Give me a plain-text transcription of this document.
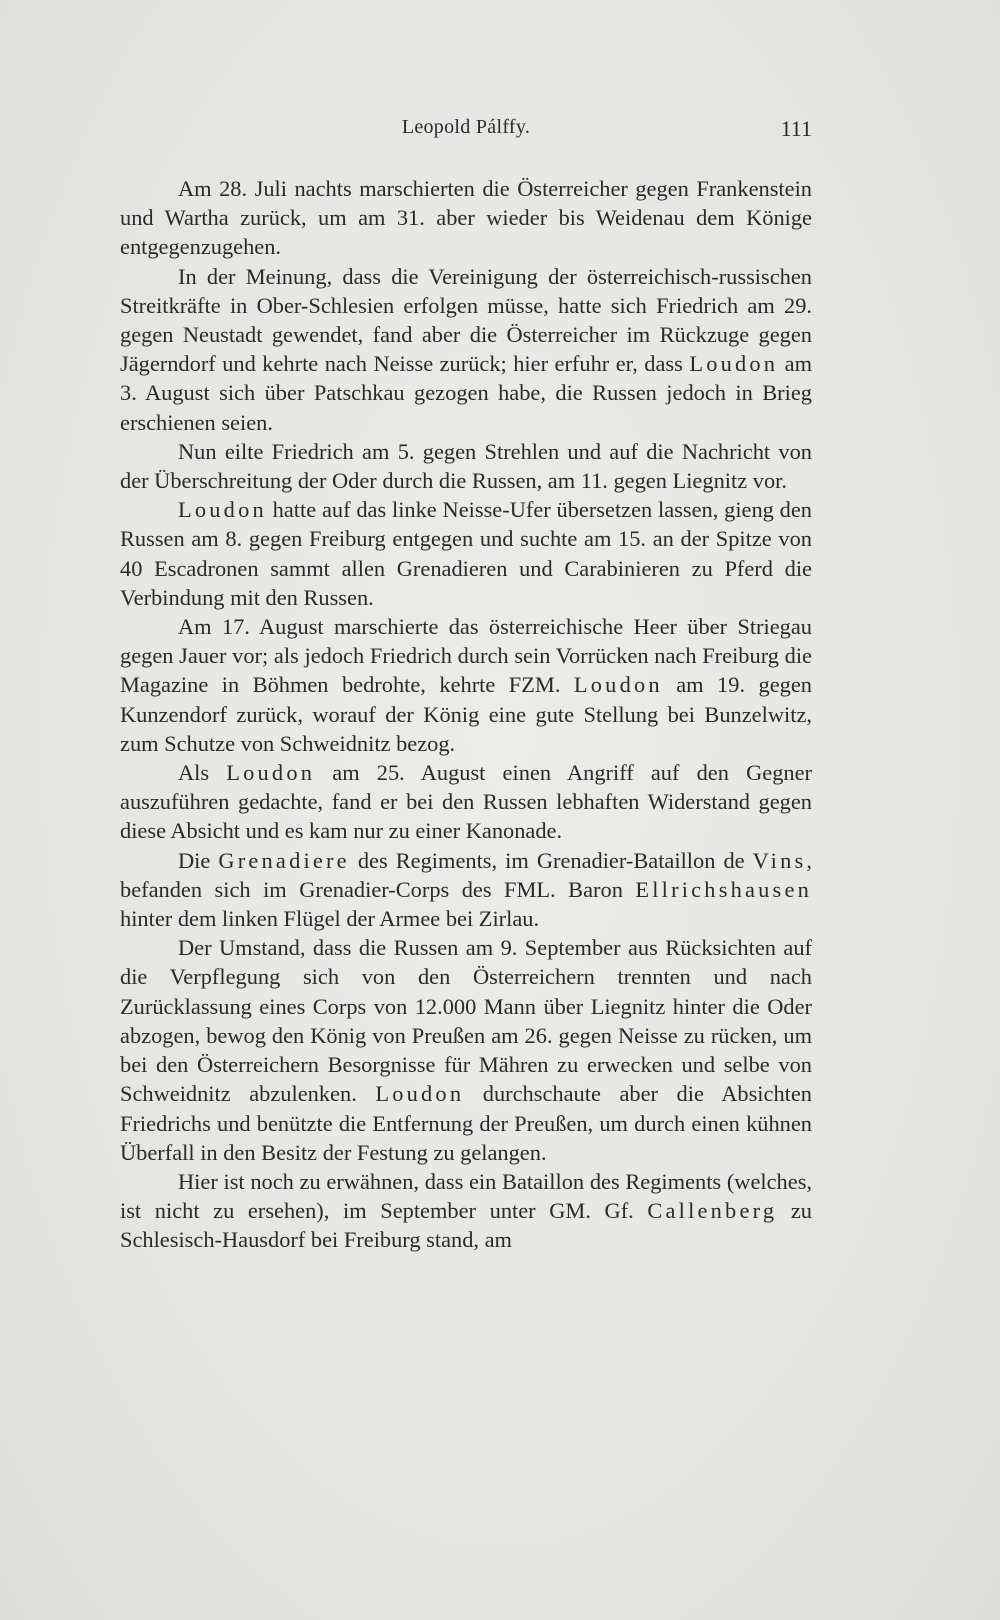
Leopold Pálffy.	111

Am 28. Juli nachts marschierten die Österreicher gegen Frankenstein und Wartha zurück, um am 31. aber wieder bis Weidenau dem Könige entgegenzugehen.

In der Meinung, dass die Vereinigung der österreichisch-russischen Streitkräfte in Ober-Schlesien erfolgen müsse, hatte sich Friedrich am 29. gegen Neustadt gewendet, fand aber die Österreicher im Rückzuge gegen Jägerndorf und kehrte nach Neisse zurück; hier erfuhr er, dass Loudon am 3. August sich über Patschkau gezogen habe, die Russen jedoch in Brieg erschienen seien.

Nun eilte Friedrich am 5. gegen Strehlen und auf die Nachricht von der Überschreitung der Oder durch die Russen, am 11. gegen Liegnitz vor.

Loudon hatte auf das linke Neisse-Ufer übersetzen lassen, gieng den Russen am 8. gegen Freiburg entgegen und suchte am 15. an der Spitze von 40 Escadronen sammt allen Grenadieren und Carabinieren zu Pferd die Verbindung mit den Russen.

Am 17. August marschierte das österreichische Heer über Striegau gegen Jauer vor; als jedoch Friedrich durch sein Vorrücken nach Freiburg die Magazine in Böhmen bedrohte, kehrte FZM. Loudon am 19. gegen Kunzendorf zurück, worauf der König eine gute Stellung bei Bunzelwitz, zum Schutze von Schweidnitz bezog.

Als Loudon am 25. August einen Angriff auf den Gegner auszuführen gedachte, fand er bei den Russen lebhaften Widerstand gegen diese Absicht und es kam nur zu einer Kanonade.

Die Grenadiere des Regiments, im Grenadier-Bataillon de Vins, befanden sich im Grenadier-Corps des FML. Baron Ellrichshausen hinter dem linken Flügel der Armee bei Zirlau.

Der Umstand, dass die Russen am 9. September aus Rücksichten auf die Verpflegung sich von den Österreichern trennten und nach Zurücklassung eines Corps von 12.000 Mann über Liegnitz hinter die Oder abzogen, bewog den König von Preußen am 26. gegen Neisse zu rücken, um bei den Österreichern Besorgnisse für Mähren zu erwecken und selbe von Schweidnitz abzulenken. Loudon durchschaute aber die Absichten Friedrichs und benützte die Entfernung der Preußen, um durch einen kühnen Überfall in den Besitz der Festung zu gelangen.

Hier ist noch zu erwähnen, dass ein Bataillon des Regiments (welches, ist nicht zu ersehen), im September unter GM. Gf. Callenberg zu Schlesisch-Hausdorf bei Freiburg stand, am
